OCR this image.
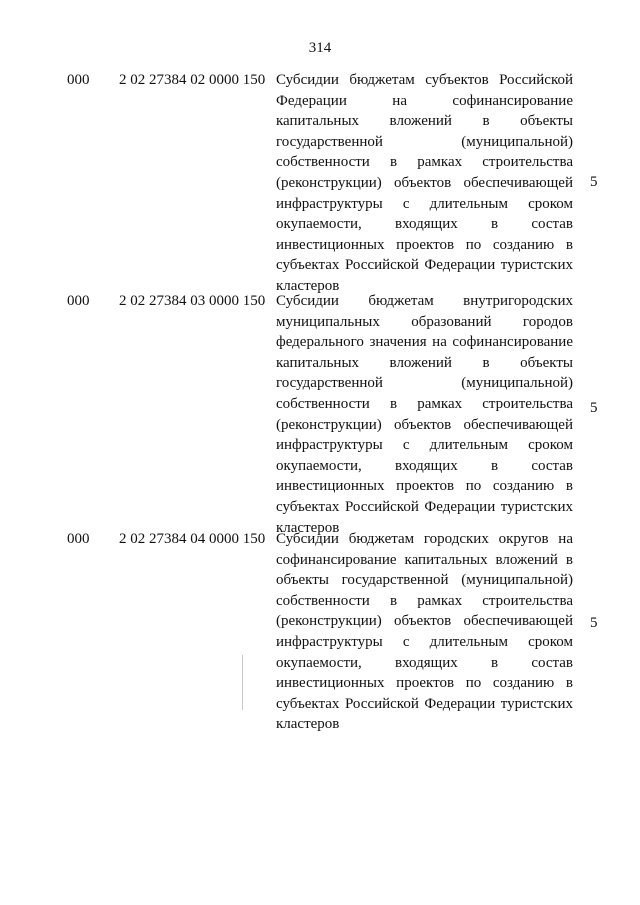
314
000 2 02 27384 02 0000 150 Субсидии бюджетам субъектов Российской Федерации на софинансирование капитальных вложений в объекты государственной (муниципальной) собственности в рамках строительства (реконструкции) объектов обеспечивающей инфраструктуры с длительным сроком окупаемости, входящих в состав инвестиционных проектов по созданию в субъектах Российской Федерации туристских кластеров

5
000 2 02 27384 03 0000 150 Субсидии бюджетам внутригородских муниципальных образований городов федерального значения на софинансирование капитальных вложений в объекты государственной (муниципальной) собственности в рамках строительства (реконструкции) объектов обеспечивающей инфраструктуры с длительным сроком окупаемости, входящих в состав инвестиционных проектов по созданию в субъектах Российской Федерации туристских кластеров

5
000 2 02 27384 04 0000 150 Субсидии бюджетам городских округов на софинансирование капитальных вложений в объекты государственной (муниципальной) собственности в рамках строительства (реконструкции) объектов обеспечивающей инфраструктуры с длительным сроком окупаемости, входящих в состав инвестиционных проектов по созданию в субъектах Российской Федерации туристских кластеров

5
